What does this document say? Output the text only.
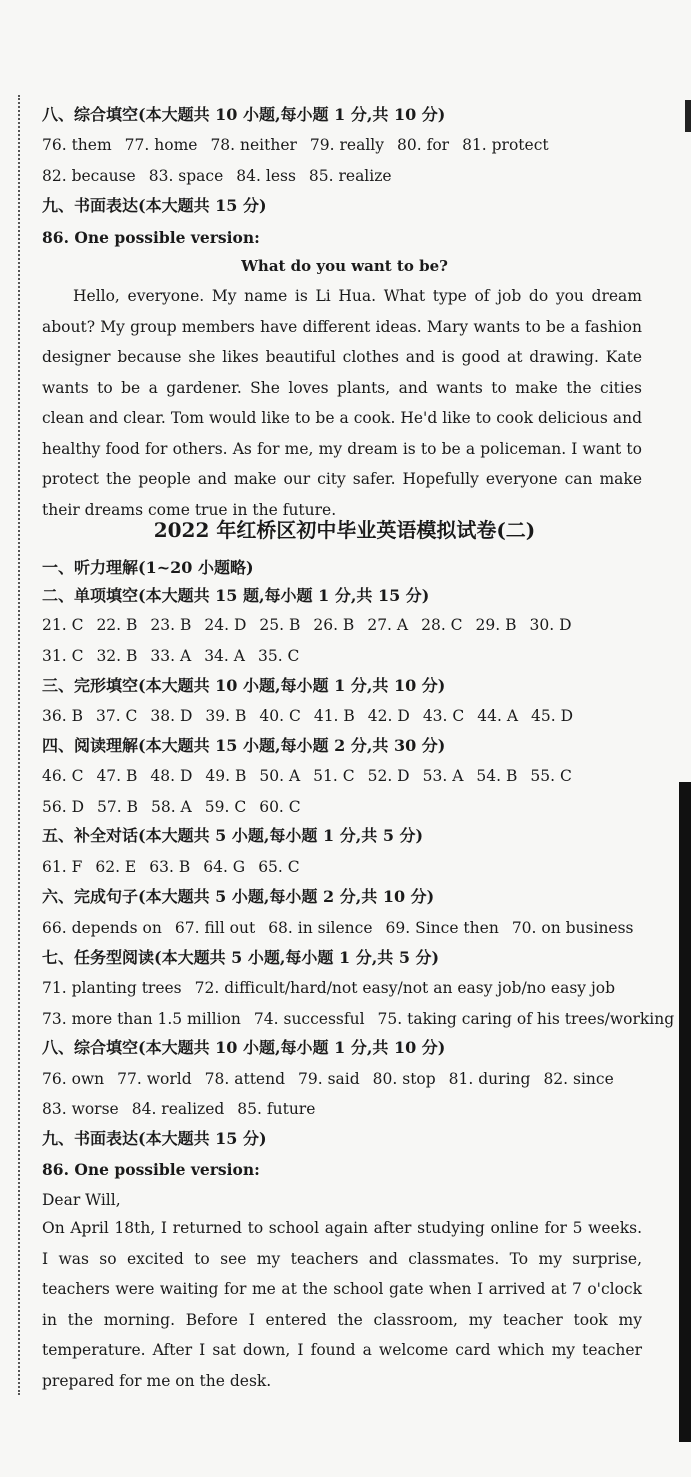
八、综合填空(本大题共 10 小题,每小题 1 分,共 10 分)
76. them 77. home 78. neither 79. really 80. for 81. protect
82. because 83. space 84. less 85. realize
九、书面表达(本大题共 15 分)
86. One possible version:
What do you want to be?

Hello, everyone. My name is Li Hua. What type of job do you dream about? My group members have different ideas. Mary wants to be a fashion designer because she likes beautiful clothes and is good at drawing. Kate wants to be a gardener. She loves plants, and wants to make the cities clean and clear. Tom would like to be a cook. He'd like to cook delicious and healthy food for others. As for me, my dream is to be a policeman. I want to protect the people and make our city safer. Hopefully everyone can make their dreams come true in the future.

2022 年红桥区初中毕业英语模拟试卷(二)
一、听力理解(1~20 小题略)
二、单项填空(本大题共 15 题,每小题 1 分,共 15 分)
21. C 22. B 23. B 24. D 25. B 26. B 27. A 28. C 29. B 30. D
31. C 32. B 33. A 34. A 35. C
三、完形填空(本大题共 10 小题,每小题 1 分,共 10 分)
36. B 37. C 38. D 39. B 40. C 41. B 42. D 43. C 44. A 45. D
四、阅读理解(本大题共 15 小题,每小题 2 分,共 30 分)
46. C 47. B 48. D 49. B 50. A 51. C 52. D 53. A 54. B 55. C
56. D 57. B 58. A 59. C 60. C
五、补全对话(本大题共 5 小题,每小题 1 分,共 5 分)
61. F 62. E 63. B 64. G 65. C
六、完成句子(本大题共 5 小题,每小题 2 分,共 10 分)
66. depends on 67. fill out 68. in silence 69. Since then 70. on business
七、任务型阅读(本大题共 5 小题,每小题 1 分,共 5 分)
71. planting trees 72. difficult/hard/not easy/not an easy job/no easy job
73. more than 1.5 million 74. successful 75. taking caring of his trees/working
八、综合填空(本大题共 10 小题,每小题 1 分,共 10 分)
76. own 77. world 78. attend 79. said 80. stop 81. during 82. since
83. worse 84. realized 85. future
九、书面表达(本大题共 15 分)
86. One possible version:
Dear Will,

On April 18th, I returned to school again after studying online for 5 weeks. I was so excited to see my teachers and classmates. To my surprise, teachers were waiting for me at the school gate when I arrived at 7 o'clock in the morning. Before I entered the classroom, my teacher took my temperature. After I sat down, I found a welcome card which my teacher prepared for me on the desk.
